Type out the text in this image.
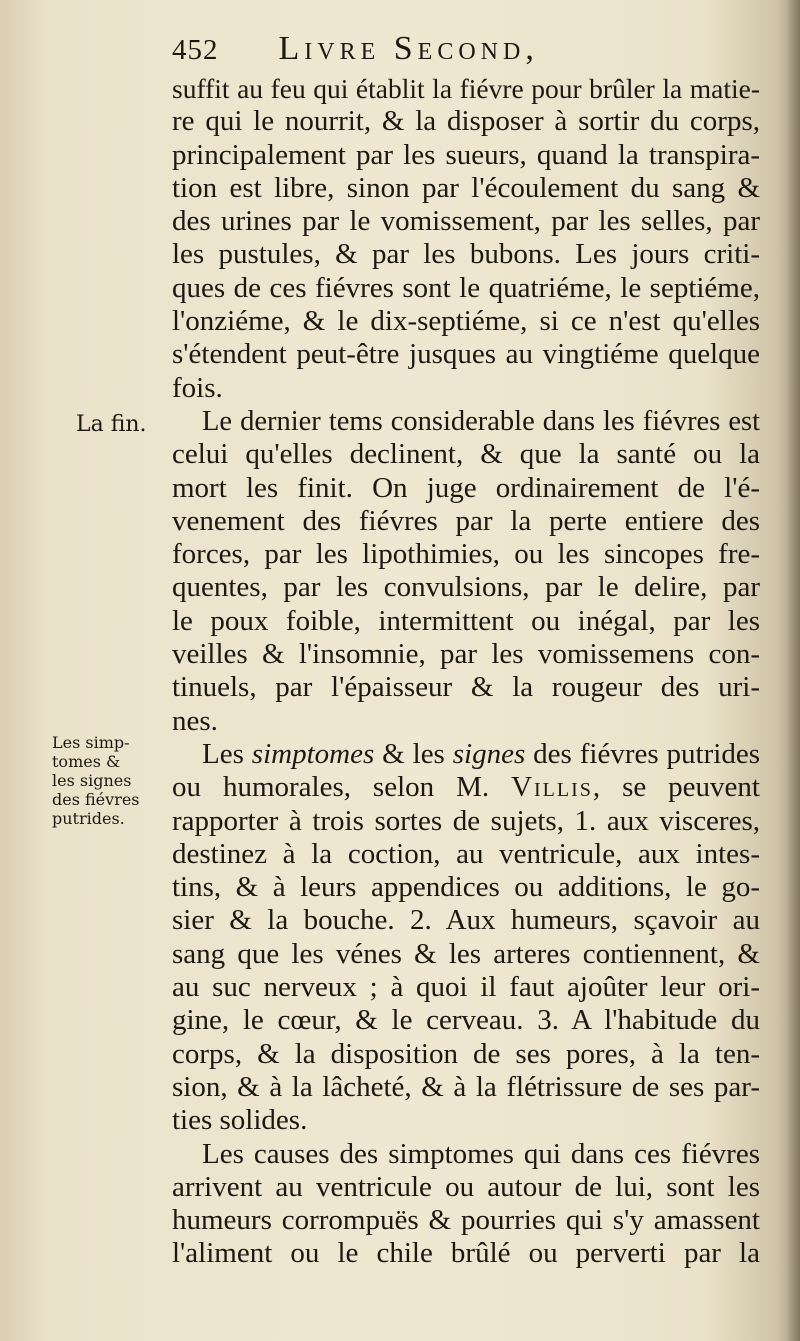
452 Livre Second,
La fin.
Les simp-
tomes &
les signes
des fiévres
putrides.
suffit au feu qui établit la fiévre pour brûler la matie-
re qui le nourrit, & la disposer à sortir du corps,
principalement par les sueurs, quand la transpira-
tion est libre, sinon par l'écoulement du sang &
des urines par le vomissement, par les selles, par
les pustules, & par les bubons. Les jours criti-
ques de ces fiévres sont le quatriéme, le septiéme,
l'onziéme, & le dix-septiéme, si ce n'est qu'elles
s'étendent peut-être jusques au vingtiéme quelque
fois.
Le dernier tems considerable dans les fiévres est
celui qu'elles declinent, & que la santé ou la
mort les finit. On juge ordinairement de l'é-
venement des fiévres par la perte entiere des
forces, par les lipothimies, ou les sincopes fre-
quentes, par les convulsions, par le delire, par
le poux foible, intermittent ou inégal, par les
veilles & l'insomnie, par les vomissemens con-
tinuels, par l'épaisseur & la rougeur des uri-
nes.
Les simptomes & les signes des fiévres putrides
ou humorales, selon M. Villis, se peuvent
rapporter à trois sortes de sujets, 1. aux visceres,
destinez à la coction, au ventricule, aux intes-
tins, & à leurs appendices ou additions, le go-
sier & la bouche. 2. Aux humeurs, sçavoir au
sang que les vénes & les arteres contiennent, &
au suc nerveux ; à quoi il faut ajoûter leur ori-
gine, le cœur, & le cerveau. 3. A l'habitude du
corps, & la disposition de ses pores, à la ten-
sion, & à la lâcheté, & à la flétrissure de ses par-
ties solides.
Les causes des simptomes qui dans ces fiévres
arrivent au ventricule ou autour de lui, sont les
humeurs corrompuës & pourries qui s'y amassent
l'aliment ou le chile brûlé ou perverti par la
